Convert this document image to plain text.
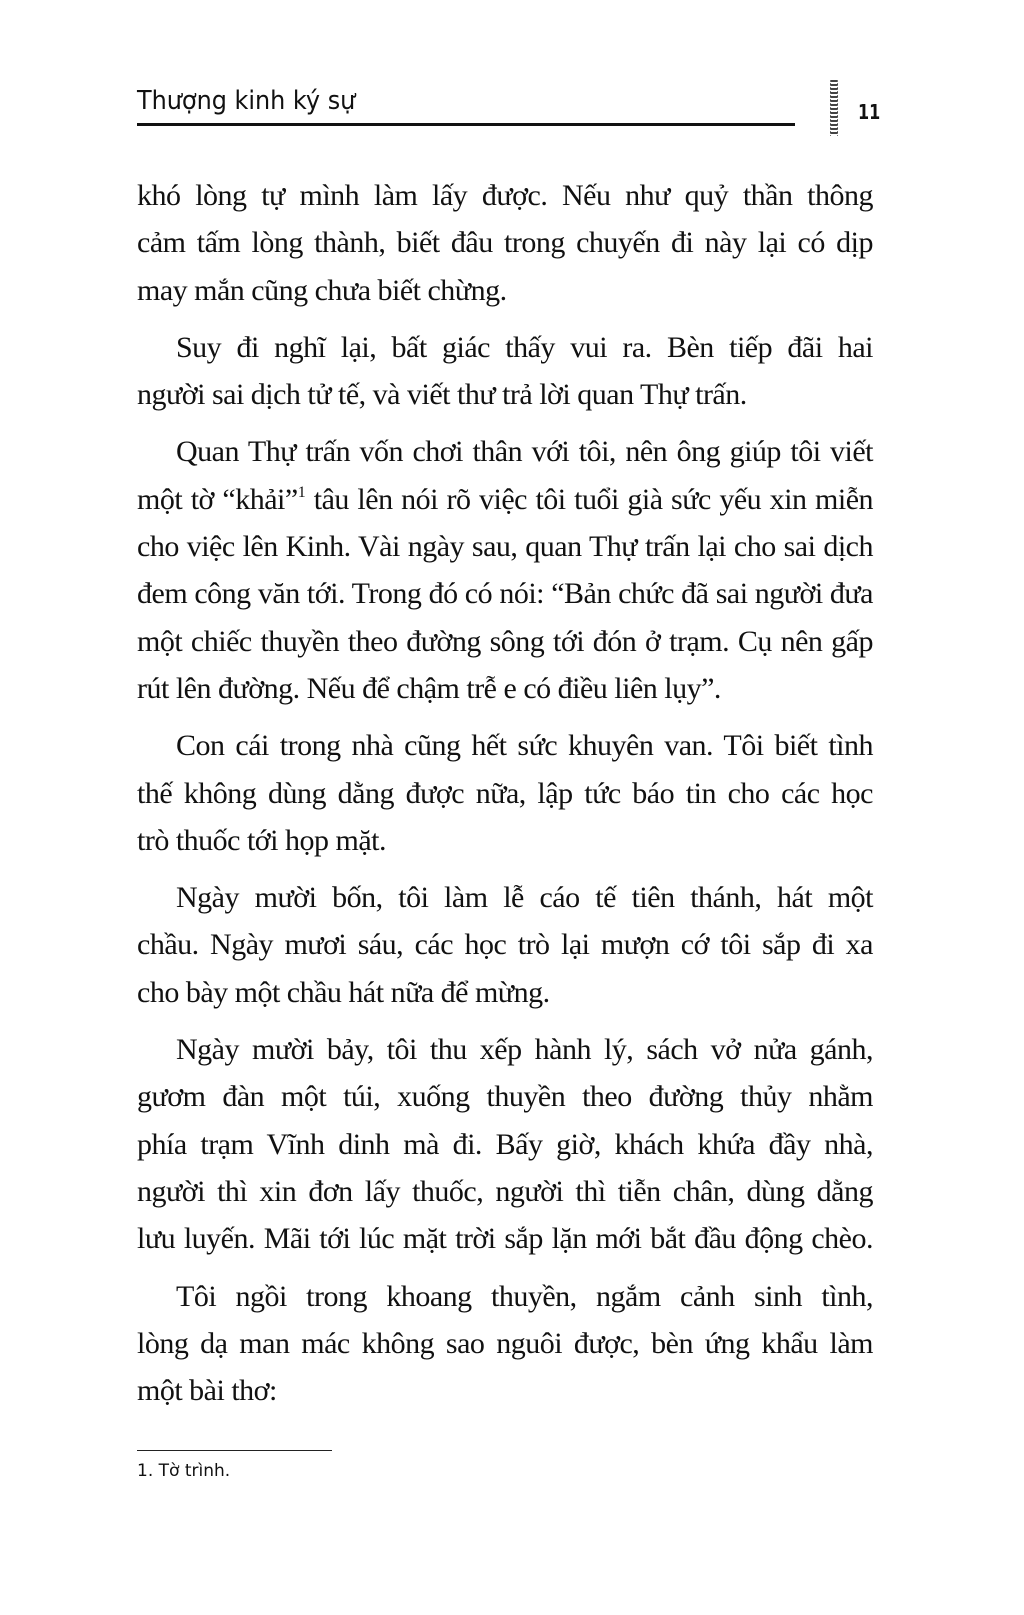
Thượng kinh ký sự	11
khó lòng tự mình làm lấy được. Nếu như quỷ thần thông
cảm tấm lòng thành, biết đâu trong chuyến đi này lại có dịp
may mắn cũng chưa biết chừng.
Suy đi nghĩ lại, bất giác thấy vui ra. Bèn tiếp đãi hai
người sai dịch tử tế, và viết thư trả lời quan Thự trấn.
Quan Thự trấn vốn chơi thân với tôi, nên ông giúp tôi viết
một tờ “khải”$^1$ tâu lên nói rõ việc tôi tuổi già sức yếu xin miễn
cho việc lên Kinh. Vài ngày sau, quan Thự trấn lại cho sai dịch
đem công văn tới. Trong đó có nói: “Bản chức đã sai người đưa
một chiếc thuyền theo đường sông tới đón ở trạm. Cụ nên gấp
rút lên đường. Nếu để chậm trễ e có điều liên lụy”.
Con cái trong nhà cũng hết sức khuyên van. Tôi biết tình
thế không dùng dằng được nữa, lập tức báo tin cho các học
trò thuốc tới họp mặt.
Ngày mười bốn, tôi làm lễ cáo tế tiên thánh, hát một
chầu. Ngày mươi sáu, các học trò lại mượn cớ tôi sắp đi xa
cho bày một chầu hát nữa để mừng.
Ngày mười bảy, tôi thu xếp hành lý, sách vở nửa gánh,
gươm đàn một túi, xuống thuyền theo đường thủy nhằm
phía trạm Vĩnh dinh mà đi. Bấy giờ, khách khứa đầy nhà,
người thì xin đơn lấy thuốc, người thì tiễn chân, dùng dằng
lưu luyến. Mãi tới lúc mặt trời sắp lặn mới bắt đầu động chèo.
Tôi ngồi trong khoang thuyền, ngắm cảnh sinh tình,
lòng dạ man mác không sao nguôi được, bèn ứng khẩu làm
một bài thơ:
1. Tờ trình.
